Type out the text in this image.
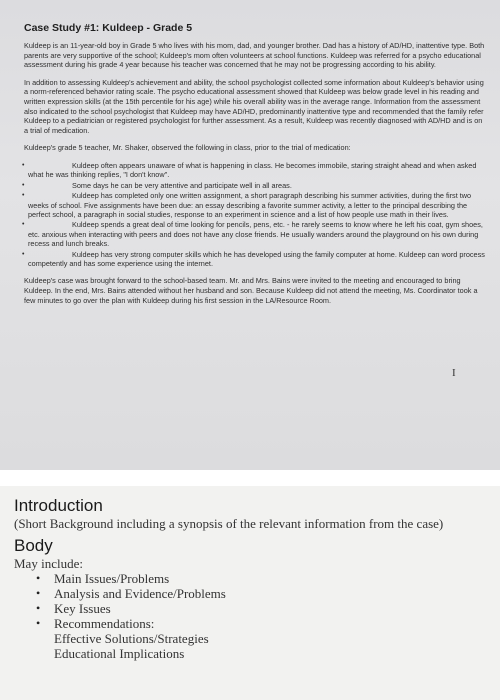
Case Study #1: Kuldeep - Grade 5

Kuldeep is an 11-year-old boy in Grade 5 who lives with his mom, dad, and younger brother. Dad has a history of AD/HD, inattentive type. Both parents are very supportive of the school; Kuldeep's mom often volunteers at school functions. Kuldeep was referred for a psycho educational assessment during his grade 4 year because his teacher was concerned that he may not be progressing according to his ability.

In addition to assessing Kuldeep's achievement and ability, the school psychologist collected some information about Kuldeep's behavior using a norm-referenced behavior rating scale. The psycho educational assessment showed that Kuldeep was below grade level in his reading and written expression skills (at the 15th percentile for his age) while his overall ability was in the average range. Information from the assessment also indicated to the school psychologist that Kuldeep may have AD/HD, predominantly inattentive type and recommended that the family refer Kuldeep to a pediatrician or registered psychologist for further assessment. As a result, Kuldeep was recently diagnosed with AD/HD and is on a trial of medication.

Kuldeep's grade 5 teacher, Mr. Shaker, observed the following in class, prior to the trial of medication:

•	Kuldeep often appears unaware of what is happening in class. He becomes immobile, staring straight ahead and when asked what he was thinking replies, "I don't know".
•	Some days he can be very attentive and participate well in all areas.
•	Kuldeep has completed only one written assignment, a short paragraph describing his summer activities, during the first two weeks of school. Five assignments have been due: an essay describing a favorite summer activity, a letter to the principal describing the perfect school, a paragraph in social studies, response to an experiment in science and a list of how people use math in their lives.
•	Kuldeep spends a great deal of time looking for pencils, pens, etc. - he rarely seems to know where he left his coat, gym shoes, etc. anxious when interacting with peers and does not have any close friends. He usually wanders around the playground on his own during recess and lunch breaks.
•	Kuldeep has very strong computer skills which he has developed using the family computer at home. Kuldeep can word process competently and has some experience using the internet.

Kuldeep's case was brought forward to the school-based team. Mr. and Mrs. Bains were invited to the meeting and encouraged to bring Kuldeep. In the end, Mrs. Bains attended without her husband and son. Because Kuldeep did not attend the meeting, Ms. Coordinator took a few minutes to go over the plan with Kuldeep during his first session in the LA/Resource Room.

I
Introduction
(Short Background including a synopsis of the relevant information from the case)
Body
May include:
• Main Issues/Problems
• Analysis and Evidence/Problems
• Key Issues
• Recommendations:
Effective Solutions/Strategies
Educational Implications
